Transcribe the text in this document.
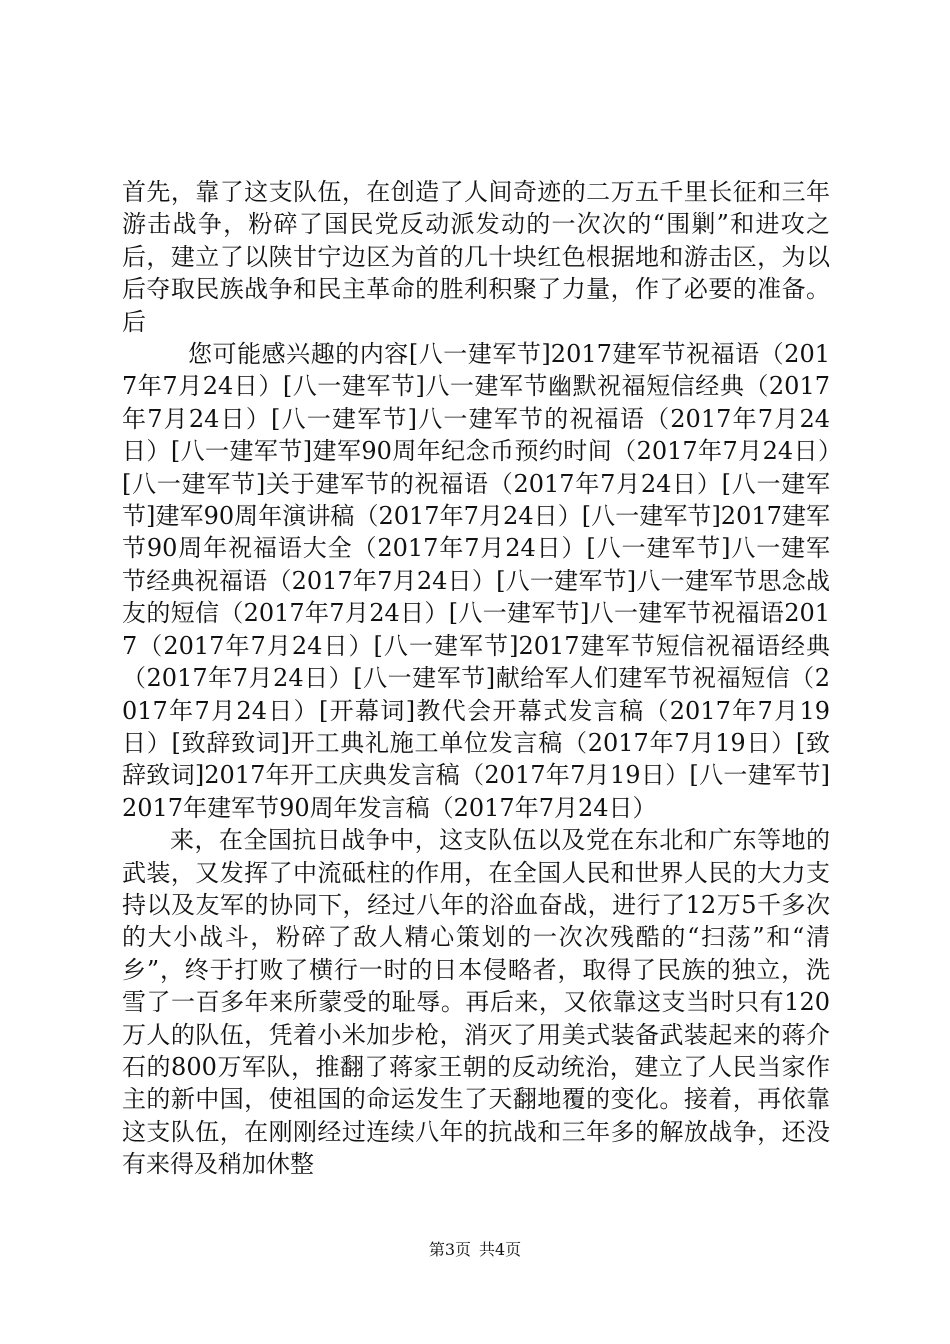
首先，靠了这支队伍，在创造了人间奇迹的二万五千里长征和三年游击战争，粉碎了国民党反动派发动的一次次的“围剿”和进攻之后，建立了以陕甘宁边区为首的几十块红色根据地和游击区，为以后夺取民族战争和民主革命的胜利积聚了力量，作了必要的准备。后

您可能感兴趣的内容[八一建军节]2017建军节祝福语（2017年7月24日）[八一建军节]八一建军节幽默祝福短信经典（2017年7月24日）[八一建军节]八一建军节的祝福语（2017年7月24日）[八一建军节]建军90周年纪念币预约时间（2017年7月24日）[八一建军节]关于建军节的祝福语（2017年7月24日）[八一建军节]建军90周年演讲稿（2017年7月24日）[八一建军节]2017建军节90周年祝福语大全（2017年7月24日）[八一建军节]八一建军节经典祝福语（2017年7月24日）[八一建军节]八一建军节思念战友的短信（2017年7月24日）[八一建军节]八一建军节祝福语2017（2017年7月24日）[八一建军节]2017建军节短信祝福语经典（2017年7月24日）[八一建军节]献给军人们建军节祝福短信（2017年7月24日）[开幕词]教代会开幕式发言稿（2017年7月19日）[致辞致词]开工典礼施工单位发言稿（2017年7月19日）[致辞致词]2017年开工庆典发言稿（2017年7月19日）[八一建军节]2017年建军节90周年发言稿（2017年7月24日）

来，在全国抗日战争中，这支队伍以及党在东北和广东等地的武装，又发挥了中流砥柱的作用，在全国人民和世界人民的大力支持以及友军的协同下，经过八年的浴血奋战，进行了12万5千多次的大小战斗，粉碎了敌人精心策划的一次次残酷的“扫荡”和“清乡”，终于打败了横行一时的日本侵略者，取得了民族的独立，洗雪了一百多年来所蒙受的耻辱。再后来，又依靠这支当时只有120万人的队伍，凭着小米加步枪，消灭了用美式装备武装起来的蒋介石的800万军队，推翻了蒋家王朝的反动统治，建立了人民当家作主的新中国，使祖国的命运发生了天翻地覆的变化。接着，再依靠这支队伍，在刚刚经过连续八年的抗战和三年多的解放战争，还没有来得及稍加休整

第3页 共4页
